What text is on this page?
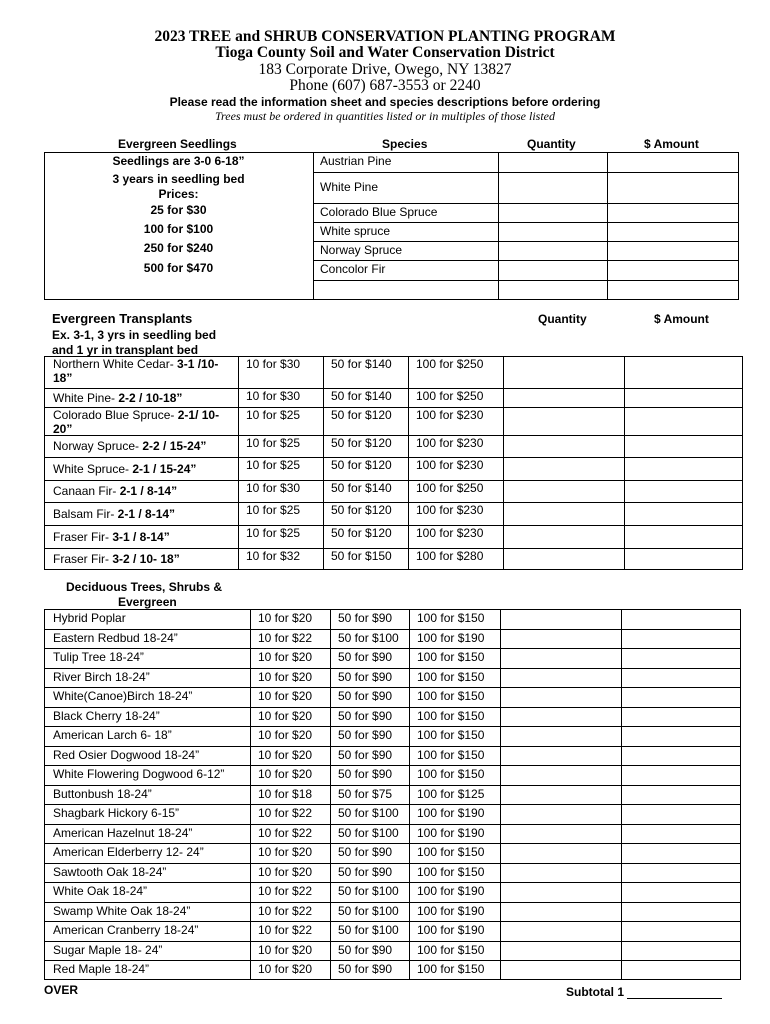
2023 TREE and SHRUB CONSERVATION PLANTING PROGRAM
Tioga County Soil and Water Conservation District
183 Corporate Drive, Owego, NY 13827
Phone (607) 687-3553 or 2240
Please read the information sheet and species descriptions before ordering
Trees must be ordered in quantities listed or in multiples of those listed
Evergreen Seedlings	Species	Quantity	$ Amount
Austrian Pine
White Pine
Colorado Blue Spruce
White spruce
Norway Spruce
Concolor Fir
Seedlings are 3-0 6-18”
3 years in seedling bed
Prices:
25 for $30
100 for $100
250 for $240
500 for $470
Evergreen Transplants
Ex. 3-1, 3 yrs in seedling bed
and 1 yr in transplant bed
Quantity	$ Amount
Northern White Cedar- 3-1 /10-
18”
10 for $30	50 for $140 100 for $250
White Pine- 2-2 / 10-18”	10 for $30	50 for $140 100 for $250
Colorado Blue Spruce- 2-1/ 10-
20”
10 for $25	50 for $120 100 for $230
Norway Spruce- 2-2 / 15-24”	10 for $25	50 for $120 100 for $230
White Spruce- 2-1 / 15-24”	10 for $25	50 for $120 100 for $230
Canaan Fir- 2-1 / 8-14”	10 for $30	50 for $140 100 for $250
Balsam Fir- 2-1 / 8-14”	10 for $25	50 for $120 100 for $230
Fraser Fir- 3-1 / 8-14”	10 for $25	50 for $120 100 for $230
Fraser Fir- 3-2 / 10- 18”	10 for $32	50 for $150 100 for $280
Deciduous Trees, Shrubs &
Evergreen
Hybrid Poplar	10 for $20 50 for $90 100 for $150
Eastern Redbud 18-24”	10 for $22 50 for $100 100 for $190
Tulip Tree 18-24”	10 for $20 50 for $90 100 for $150
River Birch 18-24”	10 for $20 50 for $90 100 for $150
White(Canoe)Birch 18-24”	10 for $20 50 for $90 100 for $150
Black Cherry 18-24”	10 for $20 50 for $90 100 for $150
American Larch 6- 18”	10 for $20 50 for $90 100 for $150
Red Osier Dogwood 18-24”	10 for $20 50 for $90 100 for $150
White Flowering Dogwood 6-12”	10 for $20 50 for $90 100 for $150
Buttonbush 18-24”	10 for $18 50 for $75 100 for $125
Shagbark Hickory 6-15”	10 for $22 50 for $100 100 for $190
American Hazelnut 18-24”	10 for $22 50 for $100 100 for $190
American Elderberry 12- 24”	10 for $20 50 for $90 100 for $150
Sawtooth Oak 18-24”	10 for $20 50 for $90 100 for $150
White Oak 18-24”	10 for $22 50 for $100 100 for $190
Swamp White Oak 18-24”	10 for $22 50 for $100 100 for $190
American Cranberry 18-24”	10 for $22 50 for $100 100 for $190
Sugar Maple 18- 24”	10 for $20 50 for $90 100 for $150
Red Maple 18-24”	10 for $20 50 for $90 100 for $150
OVER	Subtotal 1
